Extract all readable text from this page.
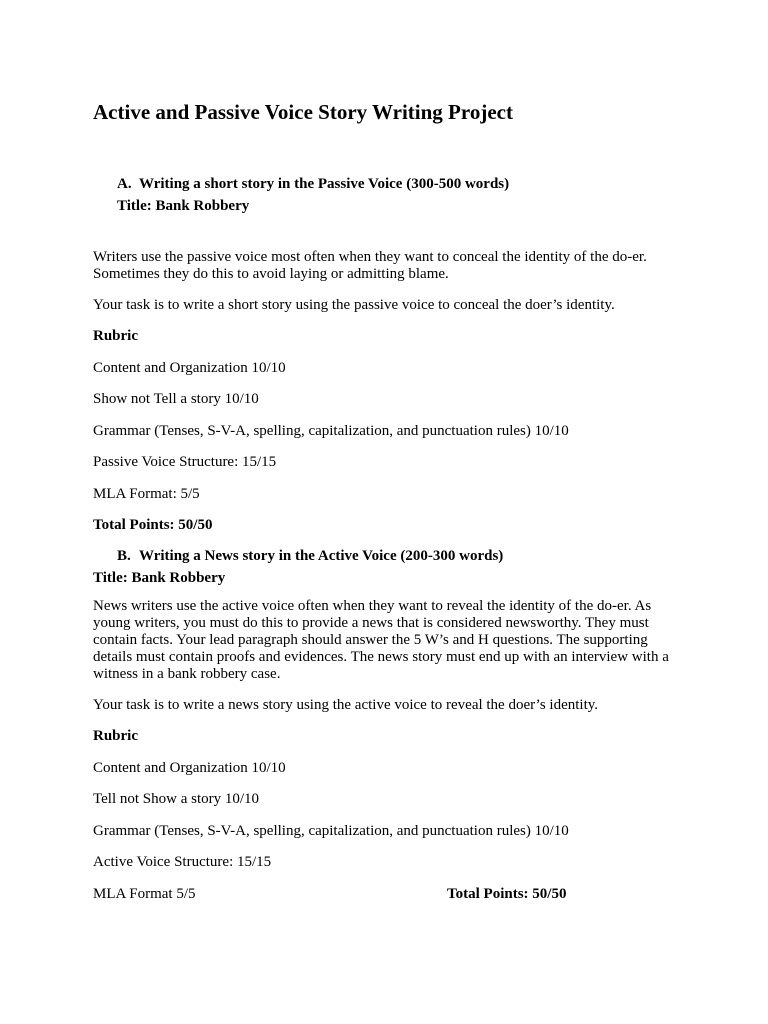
Active and Passive Voice Story Writing Project

A. Writing a short story in the Passive Voice (300-500 words)

Title: Bank Robbery

Writers use the passive voice most often when they want to conceal the identity of the do-er. Sometimes they do this to avoid laying or admitting blame.

Your task is to write a short story using the passive voice to conceal the doer’s identity.

Rubric

Content and Organization 10/10

Show not Tell a story 10/10

Grammar (Tenses, S-V-A, spelling, capitalization, and punctuation rules) 10/10

Passive Voice Structure: 15/15

MLA Format: 5/5

Total Points: 50/50

B. Writing a News story in the Active Voice (200-300 words)

Title: Bank Robbery

News writers use the active voice often when they want to reveal the identity of the do-er. As young writers, you must do this to provide a news that is considered newsworthy. They must contain facts. Your lead paragraph should answer the 5 W’s and H questions. The supporting details must contain proofs and evidences. The news story must end up with an interview with a witness in a bank robbery case.

Your task is to write a news story using the active voice to reveal the doer’s identity.

Rubric

Content and Organization 10/10

Tell not Show a story 10/10

Grammar (Tenses, S-V-A, spelling, capitalization, and punctuation rules) 10/10

Active Voice Structure: 15/15

MLA Format 5/5	Total Points: 50/50
